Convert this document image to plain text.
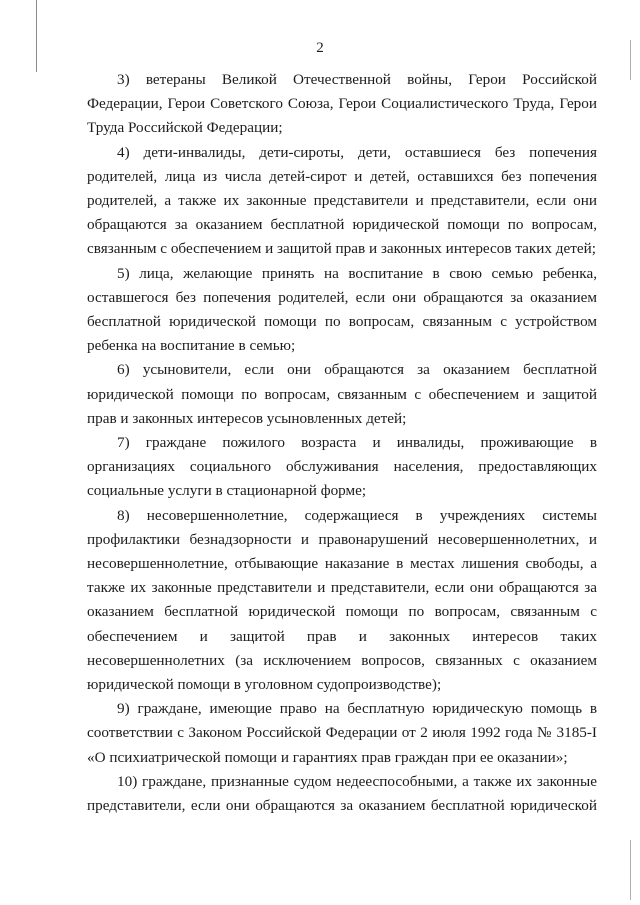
2

3) ветераны Великой Отечественной войны, Герои Российской Федерации, Герои Советского Союза, Герои Социалистического Труда, Герои Труда Российской Федерации;

4) дети-инвалиды, дети-сироты, дети, оставшиеся без попечения родителей, лица из числа детей-сирот и детей, оставшихся без попечения родителей, а также их законные представители и представители, если они обращаются за оказанием бесплатной юридической помощи по вопросам, связанным с обеспечением и защитой прав и законных интересов таких детей;

5) лица, желающие принять на воспитание в свою семью ребенка, оставшегося без попечения родителей, если они обращаются за оказанием бесплатной юридической помощи по вопросам, связанным с устройством ребенка на воспитание в семью;

6) усыновители, если они обращаются за оказанием бесплатной юридической помощи по вопросам, связанным с обеспечением и защитой прав и законных интересов усыновленных детей;

7) граждане пожилого возраста и инвалиды, проживающие в организациях социального обслуживания населения, предоставляющих социальные услуги в стационарной форме;

8) несовершеннолетние, содержащиеся в учреждениях системы профилактики безнадзорности и правонарушений несовершеннолетних, и несовершеннолетние, отбывающие наказание в местах лишения свободы, а также их законные представители и представители, если они обращаются за оказанием бесплатной юридической помощи по вопросам, связанным с обеспечением и защитой прав и законных интересов таких несовершеннолетних (за исключением вопросов, связанных с оказанием юридической помощи в уголовном судопроизводстве);

9) граждане, имеющие право на бесплатную юридическую помощь в соответствии с Законом Российской Федерации от 2 июля 1992 года № 3185-I «О психиатрической помощи и гарантиях прав граждан при ее оказании»;

10) граждане, признанные судом недееспособными, а также их законные представители, если они обращаются за оказанием бесплатной юридической
